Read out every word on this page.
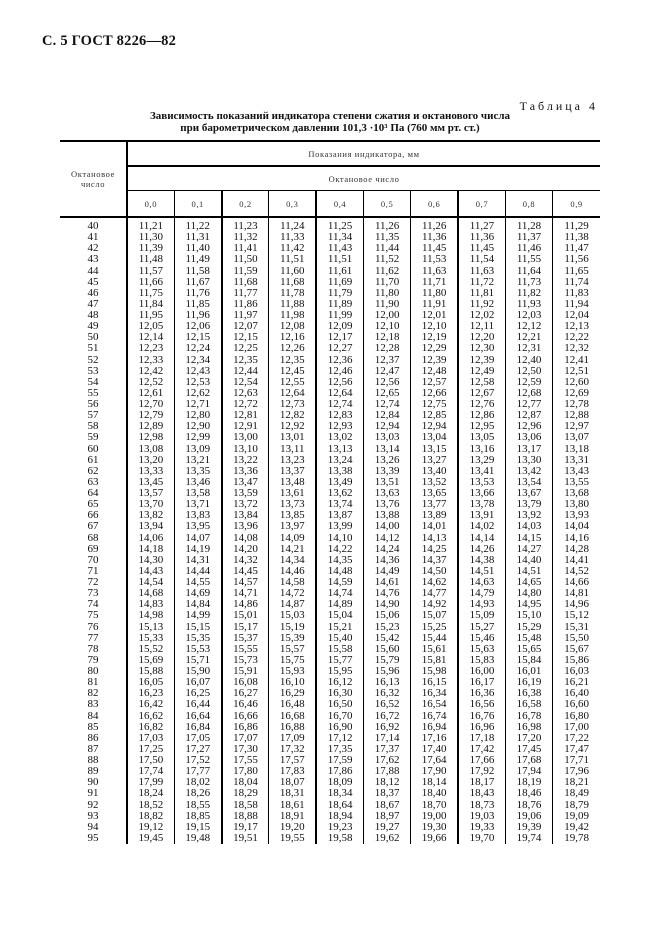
С. 5 ГОСТ 8226—82
Таблица 4
Зависимость показаний индикатора степени сжатия и октанового числа
при барометрическом давлении 101,3 ·10³ Па (760 мм рт. ст.)
Октановое число	Показания индикатора, мм									
	Октановое число									
	0,0	0,1	0,2	0,3	0,4	0,5	0,6	0,7	0,8	0,9
40	11,21	11,22	11,23	11,24	11,25	11,26	11,26	11,27	11,28	11,29
41	11,30	11,31	11,32	11,33	11,34	11,35	11,36	11,36	11,37	11,38
42	11,39	11,40	11,41	11,42	11,43	11,44	11,45	11,45	11,46	11,47
43	11,48	11,49	11,50	11,51	11,51	11,52	11,53	11,54	11,55	11,56
44	11,57	11,58	11,59	11,60	11,61	11,62	11,63	11,63	11,64	11,65
45	11,66	11,67	11,68	11,68	11,69	11,70	11,71	11,72	11,73	11,74
46	11,75	11,76	11,77	11,78	11,79	11,80	11,80	11,81	11,82	11,83
47	11,84	11,85	11,86	11,88	11,89	11,90	11,91	11,92	11,93	11,94
48	11,95	11,96	11,97	11,98	11,99	12,00	12,01	12,02	12,03	12,04
49	12,05	12,06	12,07	12,08	12,09	12,10	12,10	12,11	12,12	12,13
50	12,14	12,15	12,15	12,16	12,17	12,18	12,19	12,20	12,21	12,22
51	12,23	12,24	12,25	12,26	12,27	12,28	12,29	12,30	12,31	12,32
52	12,33	12,34	12,35	12,35	12,36	12,37	12,39	12,39	12,40	12,41
53	12,42	12,43	12,44	12,45	12,46	12,47	12,48	12,49	12,50	12,51
54	12,52	12,53	12,54	12,55	12,56	12,56	12,57	12,58	12,59	12,60
55	12,61	12,62	12,63	12,64	12,64	12,65	12,66	12,67	12,68	12,69
56	12,70	12,71	12,72	12,73	12,74	12,74	12,75	12,76	12,77	12,78
57	12,79	12,80	12,81	12,82	12,83	12,84	12,85	12,86	12,87	12,88
58	12,89	12,90	12,91	12,92	12,93	12,94	12,94	12,95	12,96	12,97
59	12,98	12,99	13,00	13,01	13,02	13,03	13,04	13,05	13,06	13,07
60	13,08	13,09	13,10	13,11	13,13	13,14	13,15	13,16	13,17	13,18
61	13,20	13,21	13,22	13,23	13,24	13,26	13,27	13,29	13,30	13,31
62	13,33	13,35	13,36	13,37	13,38	13,39	13,40	13,41	13,42	13,43
63	13,45	13,46	13,47	13,48	13,49	13,51	13,52	13,53	13,54	13,55
64	13,57	13,58	13,59	13,61	13,62	13,63	13,65	13,66	13,67	13,68
65	13,70	13,71	13,72	13,73	13,74	13,76	13,77	13,78	13,79	13,80
66	13,82	13,83	13,84	13,85	13,87	13,88	13,89	13,91	13,92	13,93
67	13,94	13,95	13,96	13,97	13,99	14,00	14,01	14,02	14,03	14,04
68	14,06	14,07	14,08	14,09	14,10	14,12	14,13	14,14	14,15	14,16
69	14,18	14,19	14,20	14,21	14,22	14,24	14,25	14,26	14,27	14,28
70	14,30	14,31	14,32	14,34	14,35	14,36	14,37	14,38	14,40	14,41
71	14,43	14,44	14,45	14,46	14,48	14,49	14,50	14,51	14,51	14,52
72	14,54	14,55	14,57	14,58	14,59	14,61	14,62	14,63	14,65	14,66
73	14,68	14,69	14,71	14,72	14,74	14,76	14,77	14,79	14,80	14,81
74	14,83	14,84	14,86	14,87	14,89	14,90	14,92	14,93	14,95	14,96
75	14,98	14,99	15,01	15,03	15,04	15,06	15,07	15,09	15,10	15,12
76	15,13	15,15	15,17	15,19	15,21	15,23	15,25	15,27	15,29	15,31
77	15,33	15,35	15,37	15,39	15,40	15,42	15,44	15,46	15,48	15,50
78	15,52	15,53	15,55	15,57	15,58	15,60	15,61	15,63	15,65	15,67
79	15,69	15,71	15,73	15,75	15,77	15,79	15,81	15,83	15,84	15,86
80	15,88	15,90	15,91	15,93	15,95	15,96	15,98	16,00	16,01	16,03
81	16,05	16,07	16,08	16,10	16,12	16,13	16,15	16,17	16,19	16,21
82	16,23	16,25	16,27	16,29	16,30	16,32	16,34	16,36	16,38	16,40
83	16,42	16,44	16,46	16,48	16,50	16,52	16,54	16,56	16,58	16,60
84	16,62	16,64	16,66	16,68	16,70	16,72	16,74	16,76	16,78	16,80
85	16,82	16,84	16,86	16,88	16,90	16,92	16,94	16,96	16,98	17,00
86	17,03	17,05	17,07	17,09	17,12	17,14	17,16	17,18	17,20	17,22
87	17,25	17,27	17,30	17,32	17,35	17,37	17,40	17,42	17,45	17,47
88	17,50	17,52	17,55	17,57	17,59	17,62	17,64	17,66	17,68	17,71
89	17,74	17,77	17,80	17,83	17,86	17,88	17,90	17,92	17,94	17,96
90	17,99	18,02	18,04	18,07	18,09	18,12	18,14	18,17	18,19	18,21
91	18,24	18,26	18,29	18,31	18,34	18,37	18,40	18,43	18,46	18,49
92	18,52	18,55	18,58	18,61	18,64	18,67	18,70	18,73	18,76	18,79
93	18,82	18,85	18,88	18,91	18,94	18,97	19,00	19,03	19,06	19,09
94	19,12	19,15	19,17	19,20	19,23	19,27	19,30	19,33	19,39	19,42
95	19,45	19,48	19,51	19,55	19,58	19,62	19,66	19,70	19,74	19,78
